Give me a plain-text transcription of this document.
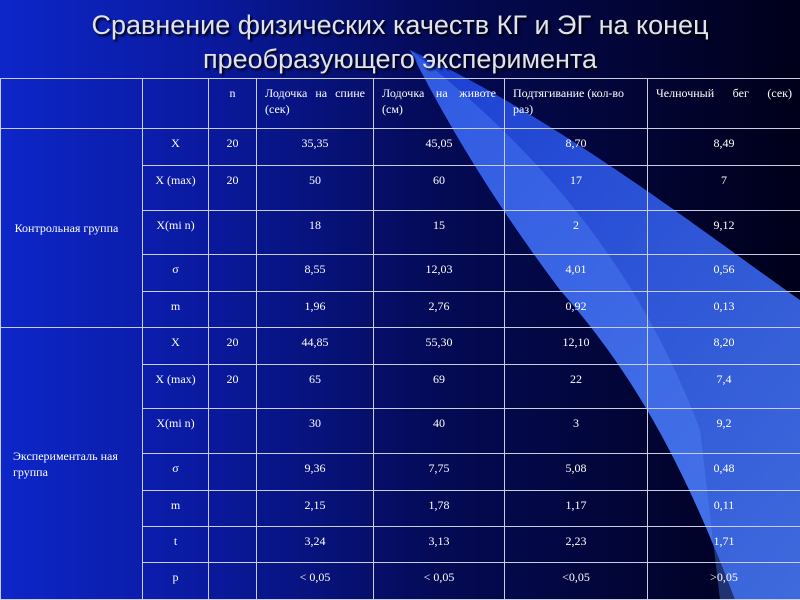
Сравнение физических качеств КГ и ЭГ на конец
преобразующего эксперимента
		n	Лодочка на спине (сек)	Лодочка на животе (см)	Подтягивание (кол-во раз)	Челночный бег (сек)
Контрольная группа	X	20	35,35	45,05	8,70	8,49
	X (max)	20	50	60	17	7
	X(mi n)		18	15	2	9,12
	σ		8,55	12,03	4,01	0,56
	m		1,96	2,76	0,92	0,13
Эксперименталь ная группа	X	20	44,85	55,30	12,10	8,20
	X (max)	20	65	69	22	7,4
	X(mi n)		30	40	3	9,2
	σ		9,36	7,75	5,08	0,48
	m		2,15	1,78	1,17	0,11
	t		3,24	3,13	2,23	1,71
	p		< 0,05	< 0,05	<0,05	>0,05
